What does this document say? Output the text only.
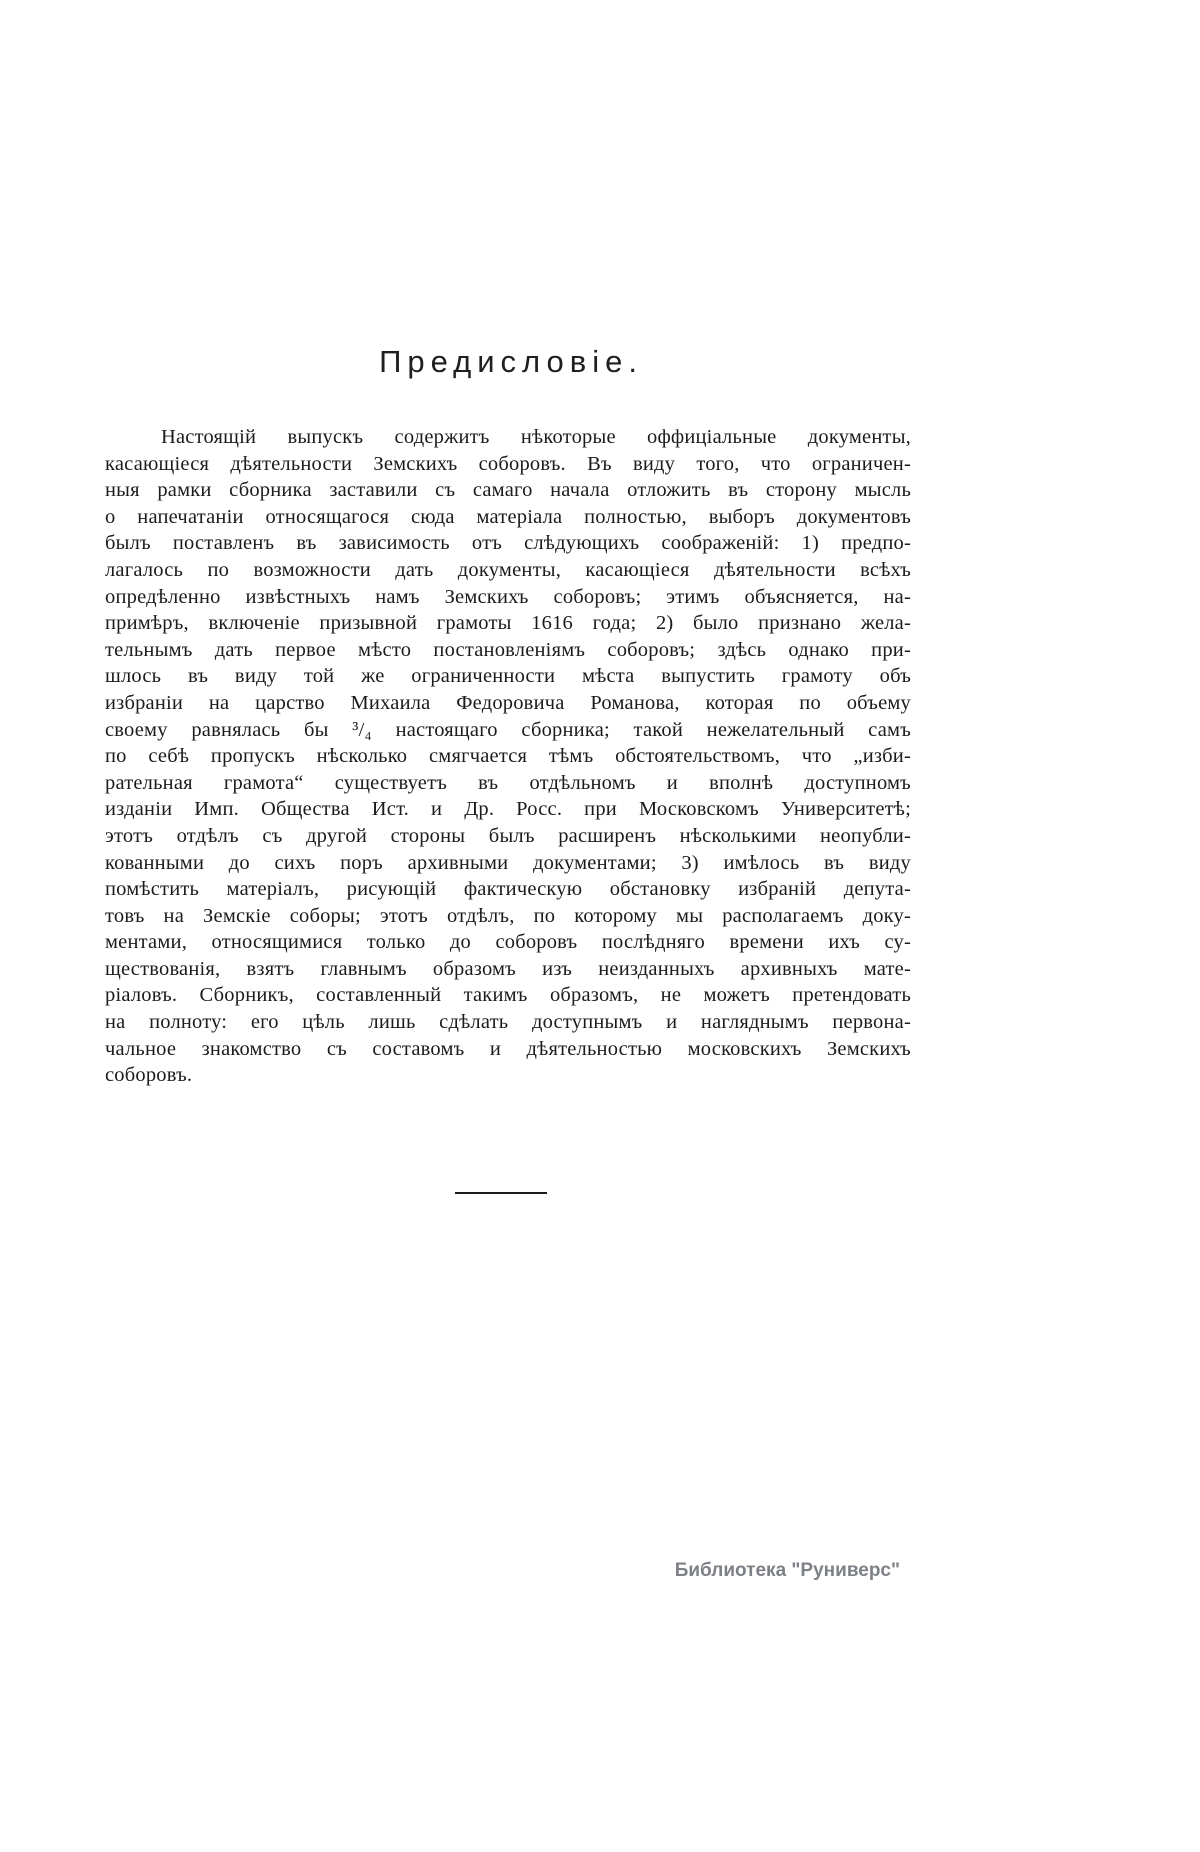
Предисловіе.
Настоящій выпускъ содержитъ нѣкоторые оффиціальные документы,
касающіеся дѣятельности Земскихъ соборовъ. Въ виду того, что ограничен-
ныя рамки сборника заставили съ самаго начала отложить въ сторону мысль
о напечатаніи относящагося сюда матеріала полностью, выборъ документовъ
былъ поставленъ въ зависимость отъ слѣдующихъ соображеній: 1) предпо-
лагалось по возможности дать документы, касающіеся дѣятельности всѣхъ
опредѣленно извѣстныхъ намъ Земскихъ соборовъ; этимъ объясняется, на-
примѣръ, включеніе призывной грамоты 1616 года; 2) было признано жела-
тельнымъ дать первое мѣсто постановленіямъ соборовъ; здѣсь однако при-
шлось въ виду той же ограниченности мѣста выпустить грамоту объ
избраніи на царство Михаила Федоровича Романова, которая по объему
своему равнялась бы ³/₄ настоящаго сборника; такой нежелательный самъ
по себѣ пропускъ нѣсколько смягчается тѣмъ обстоятельствомъ, что „изби-
рательная грамота“ существуетъ въ отдѣльномъ и вполнѣ доступномъ
изданіи Имп. Общества Ист. и Др. Росс. при Московскомъ Университетѣ;
этотъ отдѣлъ съ другой стороны былъ расширенъ нѣсколькими неопубли-
кованными до сихъ поръ архивными документами; 3) имѣлось въ виду
помѣстить матеріалъ, рисующій фактическую обстановку избраній депута-
товъ на Земскіе соборы; этотъ отдѣлъ, по которому мы располагаемъ доку-
ментами, относящимися только до соборовъ послѣдняго времени ихъ су-
ществованія, взятъ главнымъ образомъ изъ неизданныхъ архивныхъ мате-
ріаловъ. Сборникъ, составленный такимъ образомъ, не можетъ претендовать
на полноту: его цѣль лишь сдѣлать доступнымъ и нагляднымъ первона-
чальное знакомство съ составомъ и дѣятельностью московскихъ Земскихъ
соборовъ.
Библиотека "Руниверс"
